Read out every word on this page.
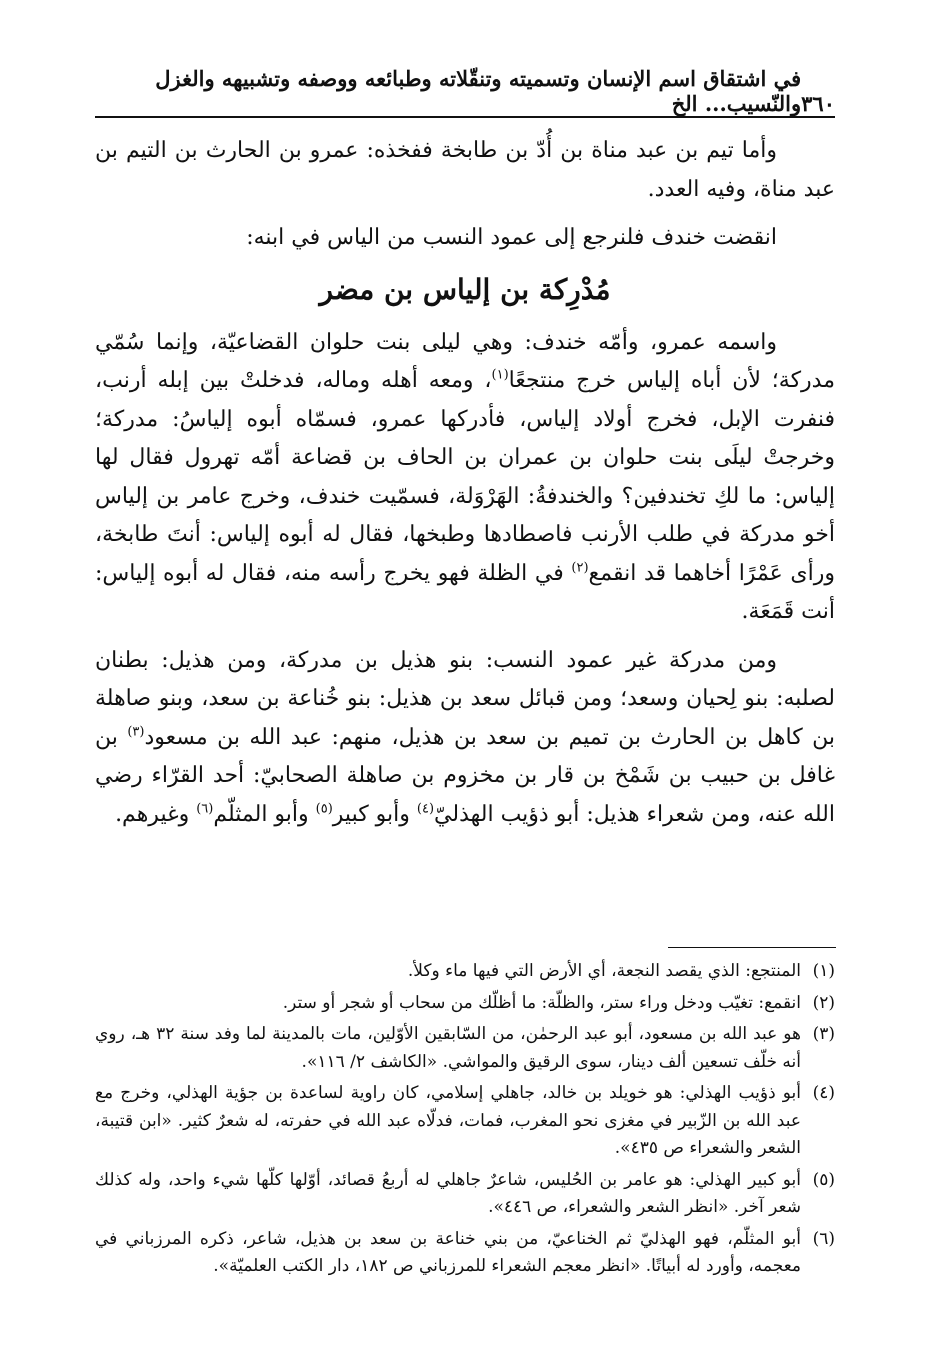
٣٦٠
في اشتقاق اسم الإنسان وتسميته وتنقّلاته وطبائعه ووصفه وتشبيهه والغزل والنّسيب... الخ

وأما تيم بن عبد مناة بن أُدّ بن طابخة ففخذه: عمرو بن الحارث بن التيم بن عبد مناة، وفيه العدد.

انقضت خندف فلنرجع إلى عمود النسب من الياس في ابنه:

مُدْرِكة بن إلياس بن مضر

واسمه عمرو، وأمّه خندف: وهي ليلى بنت حلوان القضاعيّة، وإنما سُمّي مدركة؛ لأن أباه إلياس خرج منتجعًا$^{(١)}$، ومعه أهله وماله، فدخلتْ بين إبله أرنب، فنفرت الإبل، فخرج أولاد إلياس، فأدركها عمرو، فسمّاه أبوه إلياسُ: مدركة؛ وخرجتْ ليلَى بنت حلوان بن عمران بن الحاف بن قضاعة أمّه تهرول فقال لها إلياس: ما لكِ تخندفين؟ والخندفةُ: الهَرْوَلة، فسمّيت خندف، وخرج عامر بن إلياس أخو مدركة في طلب الأرنب فاصطادها وطبخها، فقال له أبوه إلياس: أنتَ طابخة، ورأى عَمْرًا أخاهما قد انقمع$^{(٢)}$ في الظلة فهو يخرج رأسه منه، فقال له أبوه إلياس: أنت قَمَعَة.

ومن مدركة غير عمود النسب: بنو هذيل بن مدركة، ومن هذيل: بطنان لصلبه: بنو لِحيان وسعد؛ ومن قبائل سعد بن هذيل: بنو خُناعة بن سعد، وبنو صاهلة بن كاهل بن الحارث بن تميم بن سعد بن هذيل، منهم: عبد الله بن مسعود$^{(٣)}$ بن غافل بن حبيب بن شَمْخ بن قار بن مخزوم بن صاهلة الصحابيّ: أحد القرّاء رضي الله عنه، ومن شعراء هذيل: أبو ذؤيب الهذليّ$^{(٤)}$ وأبو كبير$^{(٥)}$ وأبو المثلّم$^{(٦)}$ وغيرهم.

(١)
المنتجع: الذي يقصد النجعة، أي الأرض التي فيها ماء وكلأ.
(٢)
انقمع: تغيّب ودخل وراء ستر، والظلّة: ما أظلّك من سحاب أو شجر أو ستر.
(٣)
هو عبد الله بن مسعود، أبو عبد الرحمٰن، من السّابقين الأوّلين، مات بالمدينة لما وفد سنة ٣٢ هـ، روي أنه خلّف تسعين ألف دينار، سوى الرقيق والمواشي. «الكاشف ٢/ ١١٦».
(٤)
أبو ذؤيب الهذلي: هو خويلد بن خالد، جاهلي إسلامي، كان راوية لساعدة بن جؤية الهذلي، وخرج مع عبد الله بن الزّبير في مغزى نحو المغرب، فمات، فدلّاه عبد الله في حفرته، له شعرٌ كثير. «ابن قتيبة، الشعر والشعراء ص ٤٣٥».
(٥)
أبو كبير الهذلي: هو عامر بن الحُليس، شاعرٌ جاهلي له أربعُ قصائد، أوّلها كلّها شيء واحد، وله كذلك شعر آخر. «انظر الشعر والشعراء، ص ٤٤٦».
(٦)
أبو المثلّم، فهو الهذليّ ثم الخناعيّ، من بني خناعة بن سعد بن هذيل، شاعر، ذكره المرزباني في معجمه، وأورد له أبياتًا. «انظر معجم الشعراء للمرزباني ص ١٨٢، دار الكتب العلميّة».
